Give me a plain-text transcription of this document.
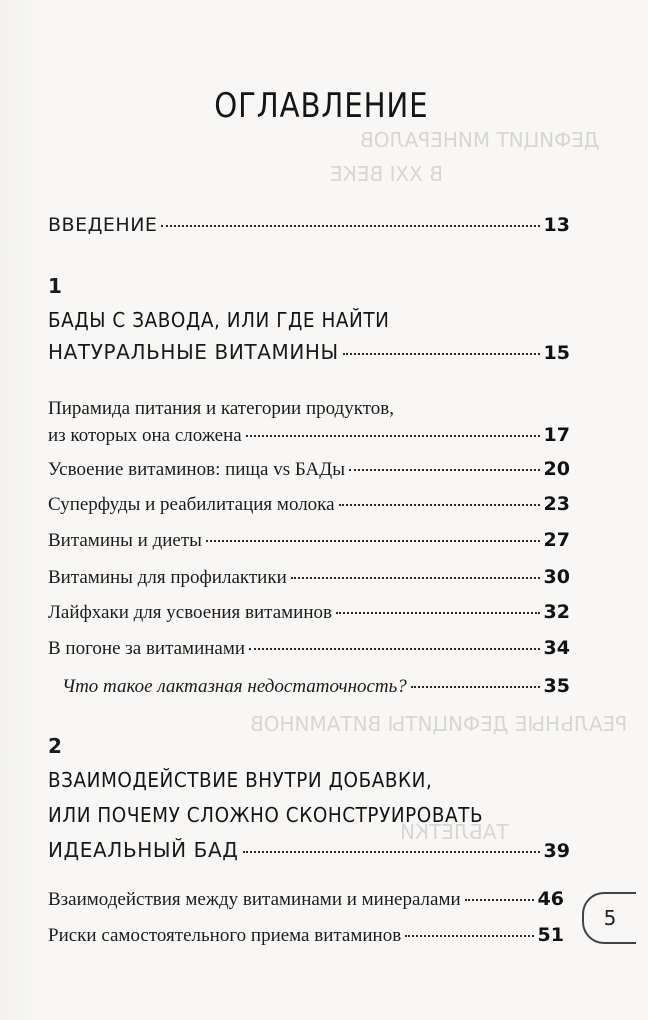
ДЕФИЦИТ МИНЕРАЛОВ
В XXI ВЕКЕ
РЕАЛЬНЫЕ ДЕФИЦИТЫ ВИТАМИНОВ
ТАБЛЕТКИ
ОГЛАВЛЕНИЕ
ВВЕДЕНИЕ	13
1
БАДЫ С ЗАВОДА, ИЛИ ГДЕ НАЙТИ
НАТУРАЛЬНЫЕ ВИТАМИНЫ	15
Пирамида питания и категории продуктов,
из которых она сложена	17
Усвоение витаминов: пища vs БАДы	20
Суперфуды и реабилитация молока	23
Витамины и диеты	27
Витамины для профилактики	30
Лайфхаки для усвоения витаминов	32
В погоне за витаминами	34
Что такое лактазная недостаточность?	35
2
ВЗАИМОДЕЙСТВИЕ ВНУТРИ ДОБАВКИ,
ИЛИ ПОЧЕМУ СЛОЖНО СКОНСТРУИРОВАТЬ
ИДЕАЛЬНЫЙ БАД	39
Взаимодействия между витаминами и минералами	46
Риски самостоятельного приема витаминов	51
5
